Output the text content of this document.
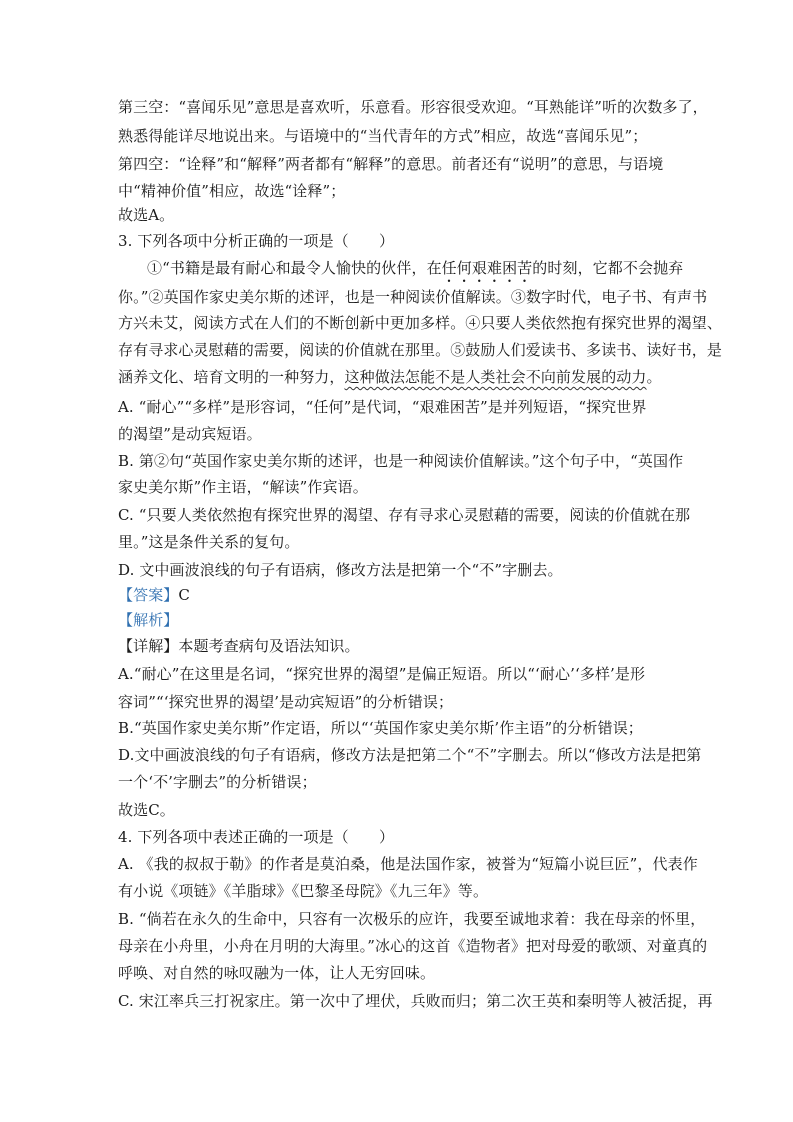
第三空：“喜闻乐见”意思是喜欢听，乐意看。形容很受欢迎。“耳熟能详”听的次数多了，
熟悉得能详尽地说出来。与语境中的“当代青年的方式”相应，故选“喜闻乐见”；
第四空：“诠释”和“解释”两者都有“解释”的意思。前者还有“说明”的意思，与语境
中“精神价值”相应，故选“诠释”；
故选A。
3. 下列各项中分析正确的一项是（　　）
①“书籍是最有耐心和最令人愉快的伙伴，在任何艰难困苦的时刻，它都不会抛弃
你。”②英国作家史美尔斯的述评，也是一种阅读价值解读。③数字时代，电子书、有声书
方兴未艾，阅读方式在人们的不断创新中更加多样。④只要人类依然抱有探究世界的渴望、
存有寻求心灵慰藉的需要，阅读的价值就在那里。⑤鼓励人们爱读书、多读书、读好书，是
涵养文化、培育文明的一种努力，这种做法怎能不是人类社会不向前发展的动力。
A. “耐心”“多样”是形容词，“任何”是代词，“艰难困苦”是并列短语，“探究世界
的渴望”是动宾短语。
B. 第②句“英国作家史美尔斯的述评，也是一种阅读价值解读。”这个句子中，“英国作
家史美尔斯”作主语，“解读”作宾语。
C. “只要人类依然抱有探究世界的渴望、存有寻求心灵慰藉的需要，阅读的价值就在那
里。”这是条件关系的复句。
D. 文中画波浪线的句子有语病，修改方法是把第一个“不”字删去。
【答案】C
【解析】
【详解】本题考查病句及语法知识。
A.“耐心”在这里是名词，“探究世界的渴望”是偏正短语。所以“‘耐心’‘多样’是形
容词”“‘探究世界的渴望’是动宾短语”的分析错误；
B.“英国作家史美尔斯”作定语，所以“‘英国作家史美尔斯’作主语”的分析错误；
D.文中画波浪线的句子有语病，修改方法是把第二个“不”字删去。所以“修改方法是把第
一个‘不’字删去”的分析错误；
故选C。
4. 下列各项中表述正确的一项是（　　）
A. 《我的叔叔于勒》的作者是莫泊桑，他是法国作家，被誉为“短篇小说巨匠”，代表作
有小说《项链》《羊脂球》《巴黎圣母院》《九三年》等。
B. “倘若在永久的生命中，只容有一次极乐的应许，我要至诚地求着：我在母亲的怀里，
母亲在小舟里，小舟在月明的大海里。”冰心的这首《造物者》把对母爱的歌颂、对童真的
呼唤、对自然的咏叹融为一体，让人无穷回味。
C. 宋江率兵三打祝家庄。第一次中了埋伏，兵败而归；第二次王英和秦明等人被活捉，再
